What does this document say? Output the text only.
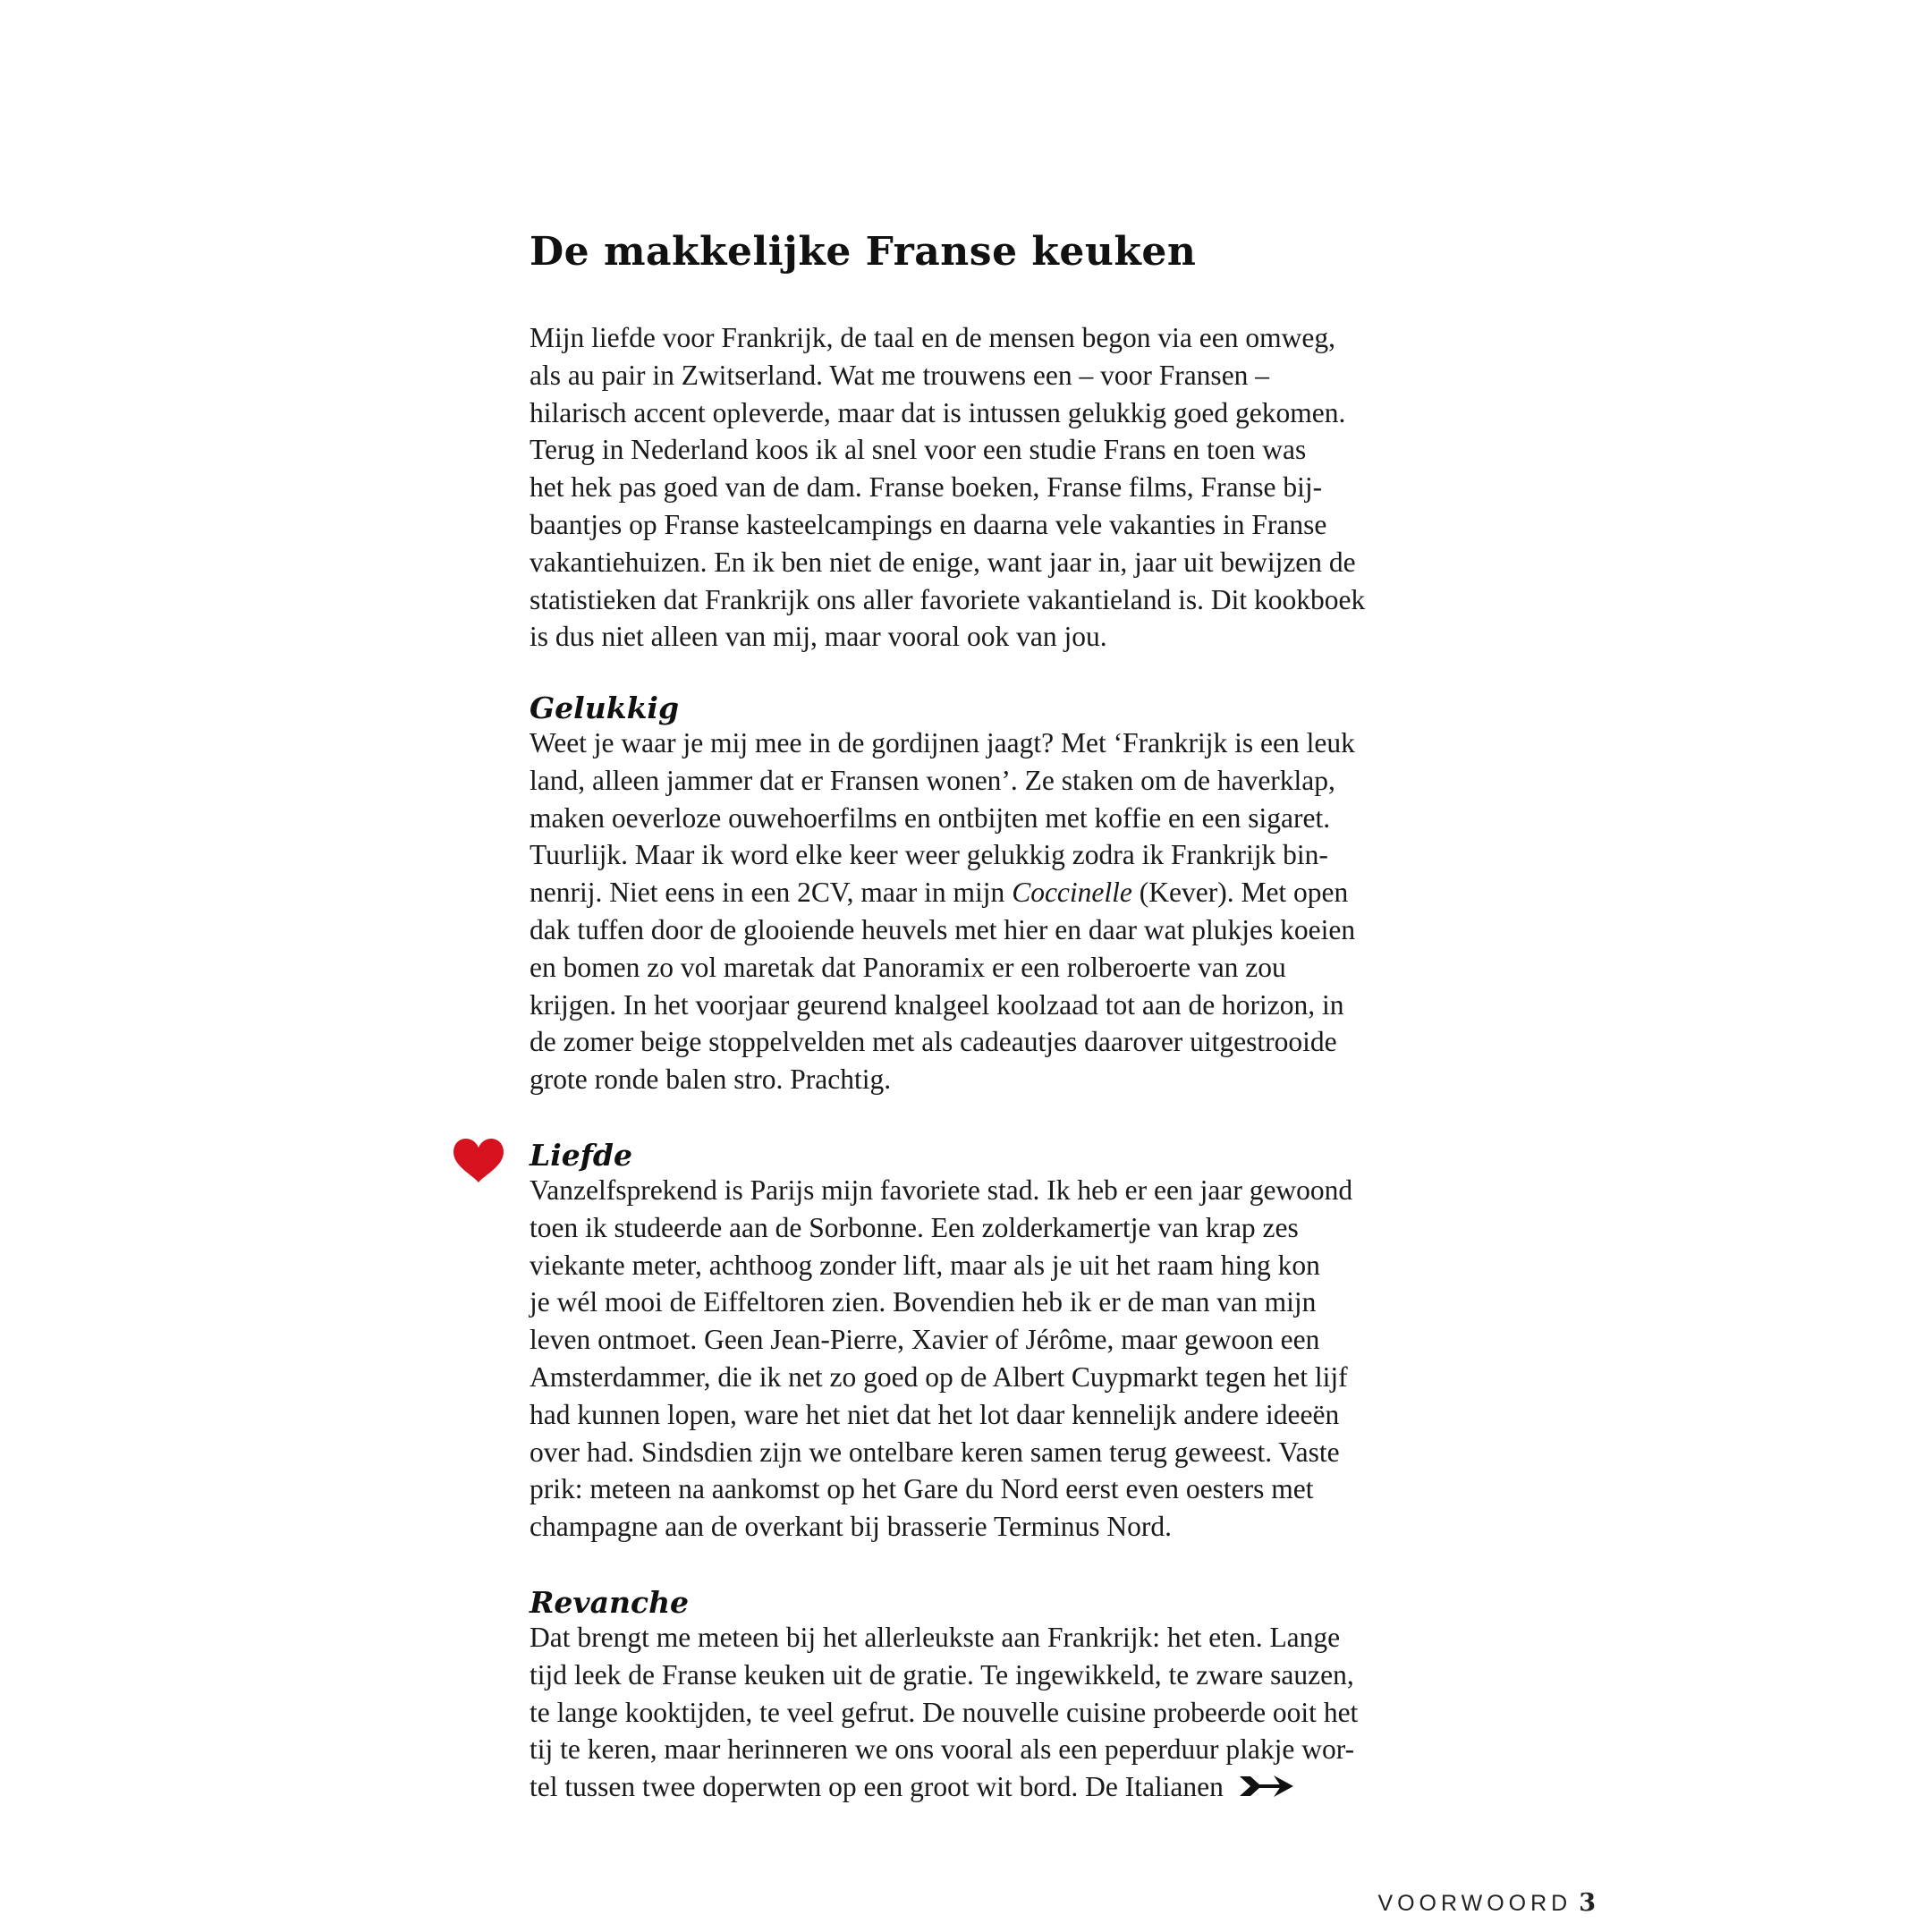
De makkelijke Franse keuken

Mijn liefde voor Frankrijk, de taal en de mensen begon via een omweg,
als au pair in Zwitserland. Wat me trouwens een – voor Fransen –
hilarisch accent opleverde, maar dat is intussen gelukkig goed gekomen.
Terug in Nederland koos ik al snel voor een studie Frans en toen was
het hek pas goed van de dam. Franse boeken, Franse films, Franse bij-
baantjes op Franse kasteelcampings en daarna vele vakanties in Franse
vakantiehuizen. En ik ben niet de enige, want jaar in, jaar uit bewijzen de
statistieken dat Frankrijk ons aller favoriete vakantieland is. Dit kookboek
is dus niet alleen van mij, maar vooral ook van jou.

Gelukkig

Weet je waar je mij mee in de gordijnen jaagt? Met ‘Frankrijk is een leuk
land, alleen jammer dat er Fransen wonen’. Ze staken om de haverklap,
maken oeverloze ouwehoerfilms en ontbijten met koffie en een sigaret.
Tuurlijk. Maar ik word elke keer weer gelukkig zodra ik Frankrijk bin-
nenrij. Niet eens in een 2CV, maar in mijn Coccinelle (Kever). Met open
dak tuffen door de glooiende heuvels met hier en daar wat plukjes koeien
en bomen zo vol maretak dat Panoramix er een rolberoerte van zou
krijgen. In het voorjaar geurend knalgeel koolzaad tot aan de horizon, in
de zomer beige stoppelvelden met als cadeautjes daarover uitgestrooide
grote ronde balen stro. Prachtig.

Liefde

Vanzelfsprekend is Parijs mijn favoriete stad. Ik heb er een jaar gewoond
toen ik studeerde aan de Sorbonne. Een zolderkamertje van krap zes
viekante meter, achthoog zonder lift, maar als je uit het raam hing kon
je wél mooi de Eiffeltoren zien. Bovendien heb ik er de man van mijn
leven ontmoet. Geen Jean-Pierre, Xavier of Jérôme, maar gewoon een
Amsterdammer, die ik net zo goed op de Albert Cuypmarkt tegen het lijf
had kunnen lopen, ware het niet dat het lot daar kennelijk andere ideeën
over had. Sindsdien zijn we ontelbare keren samen terug geweest. Vaste
prik: meteen na aankomst op het Gare du Nord eerst even oesters met
champagne aan de overkant bij brasserie Terminus Nord.

Revanche

Dat brengt me meteen bij het allerleukste aan Frankrijk: het eten. Lange
tijd leek de Franse keuken uit de gratie. Te ingewikkeld, te zware sauzen,
te lange kooktijden, te veel gefrut. De nouvelle cuisine probeerde ooit het
tij te keren, maar herinneren we ons vooral als een peperduur plakje wor-
tel tussen twee doperwten op een groot wit bord. De Italianen

VOORWOORD 3
